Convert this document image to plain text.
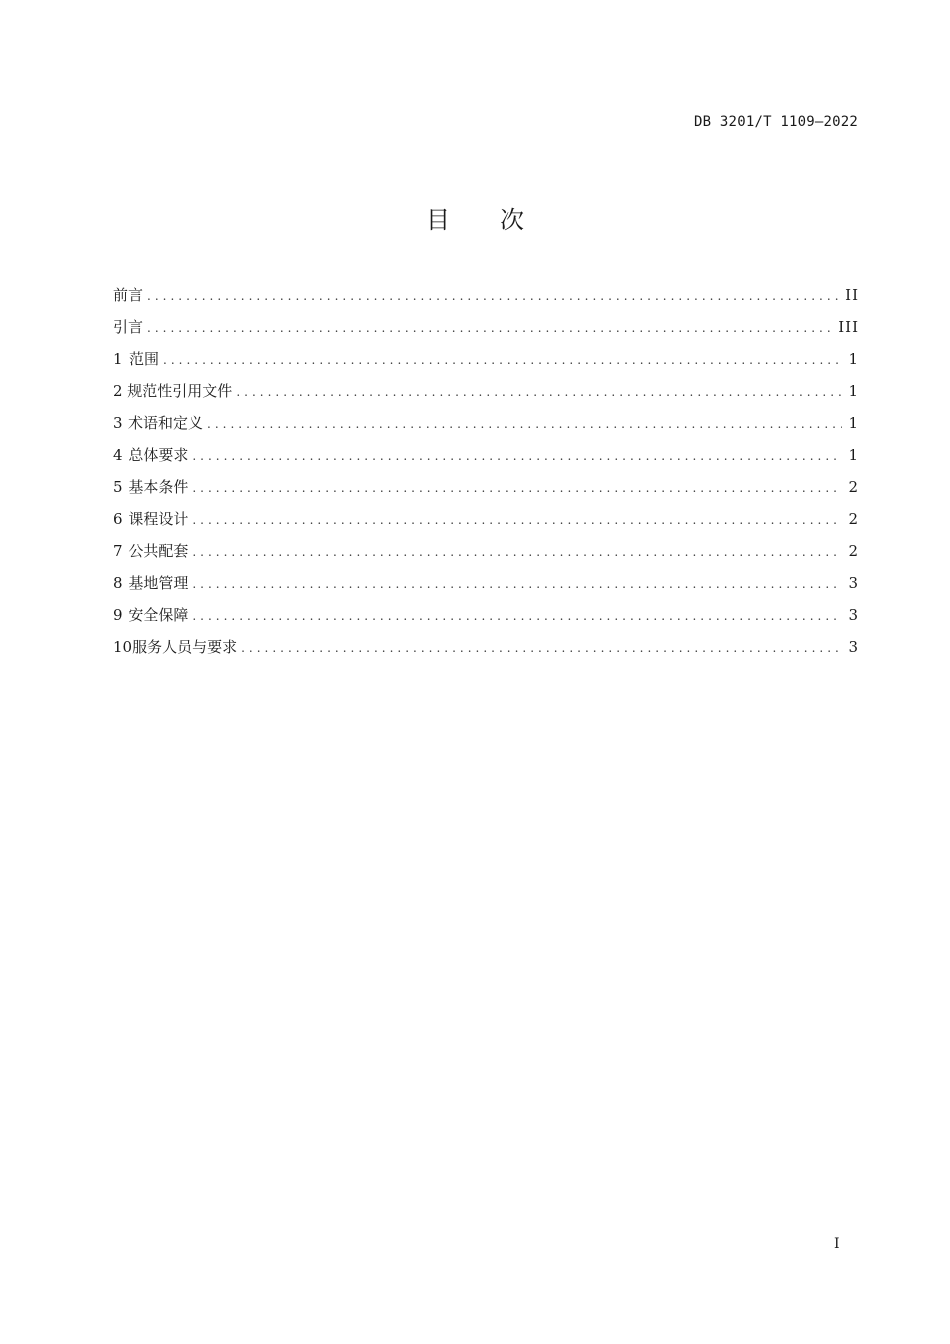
DB 3201/T 1109—2022
目 次
前言 .....	II
引言 .....	III
1 范围 .....	1
2 规范性引用文件 .....	1
3 术语和定义 .....	1
4 总体要求 .....	1
5 基本条件 .....	2
6 课程设计 .....	2
7 公共配套 .....	2
8 基地管理 .....	3
9 安全保障 .....	3
10 服务人员与要求 .....	3
I
